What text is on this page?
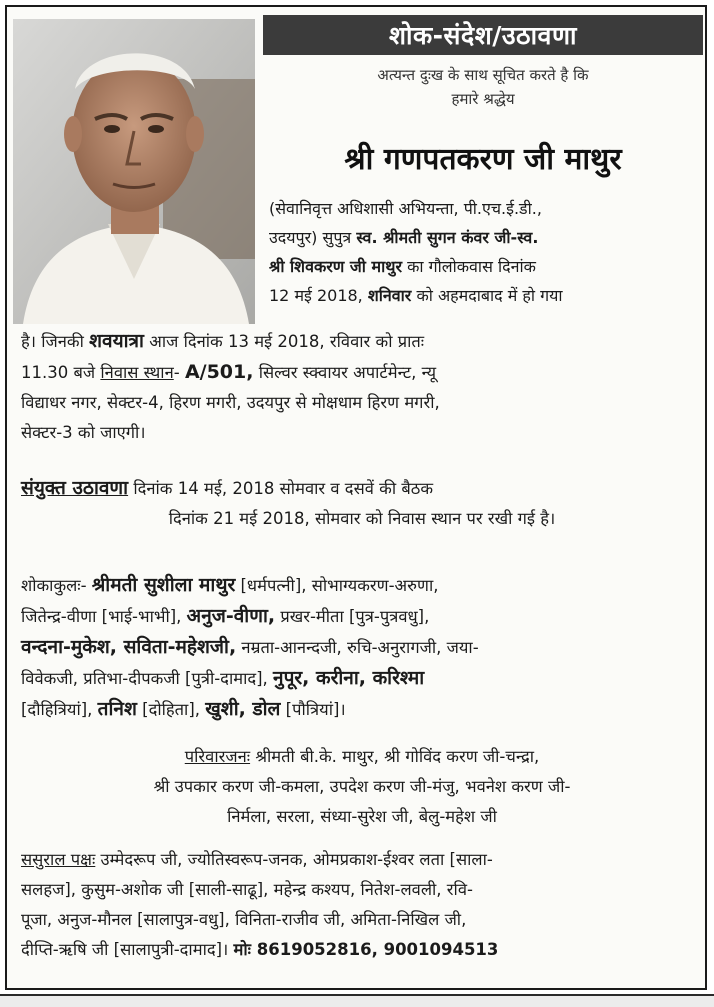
शोक-संदेश/उठावणा
अत्यन्त दुःख के साथ सूचित करते है कि
हमारे श्रद्धेय
श्री गणपतकरण जी माथुर
(सेवानिवृत्त अधिशासी अभियन्ता, पी.एच.ई.डी.,
उदयपुर) सुपुत्र स्व. श्रीमती सुगन कंवर जी-स्व.
श्री शिवकरण जी माथुर का गौलोकवास दिनांक
12 मई 2018, शनिवार को अहमदाबाद में हो गया
है। जिनकी शवयात्रा आज दिनांक 13 मई 2018, रविवार को प्रातः
11.30 बजे निवास स्थान- A/501, सिल्वर स्क्वायर अपार्टमेन्ट, न्यू
विद्याधर नगर, सेक्टर-4, हिरण मगरी, उदयपुर से मोक्षधाम हिरण मगरी,
सेक्टर-3 को जाएगी।
संयुक्त उठावणा दिनांक 14 मई, 2018 सोमवार व दसवें की बैठक
दिनांक 21 मई 2018, सोमवार को निवास स्थान पर रखी गई है।
शोकाकुलः- श्रीमती सुशीला माथुर [धर्मपत्नी], सोभाग्यकरण-अरुणा,
जितेन्द्र-वीणा [भाई-भाभी], अनुज-वीणा, प्रखर-मीता [पुत्र-पुत्रवधु],
वन्दना-मुकेश, सविता-महेशजी, नम्रता-आनन्दजी, रुचि-अनुरागजी, जया-
विवेकजी, प्रतिभा-दीपकजी [पुत्री-दामाद], नुपूर, करीना, करिश्मा
[दौहित्रियां], तनिश [दोहिता], खुशी, डोल [पौत्रियां]।
परिवारजनः श्रीमती बी.के. माथुर, श्री गोविंद करण जी-चन्द्रा,
श्री उपकार करण जी-कमला, उपदेश करण जी-मंजु, भवनेश करण जी-
निर्मला, सरला, संध्या-सुरेश जी, बेलु-महेश जी
ससुराल पक्षः उम्मेदरूप जी, ज्योतिस्वरूप-जनक, ओमप्रकाश-ईश्वर लता [साला-
सलहज], कुसुम-अशोक जी [साली-साढू], महेन्द्र कश्यप, नितेश-लवली, रवि-
पूजा, अनुज-मौनल [सालापुत्र-वधु], विनिता-राजीव जी, अमिता-निखिल जी,
दीप्ति-ऋषि जी [सालापुत्री-दामाद]। मोः 8619052816, 9001094513
